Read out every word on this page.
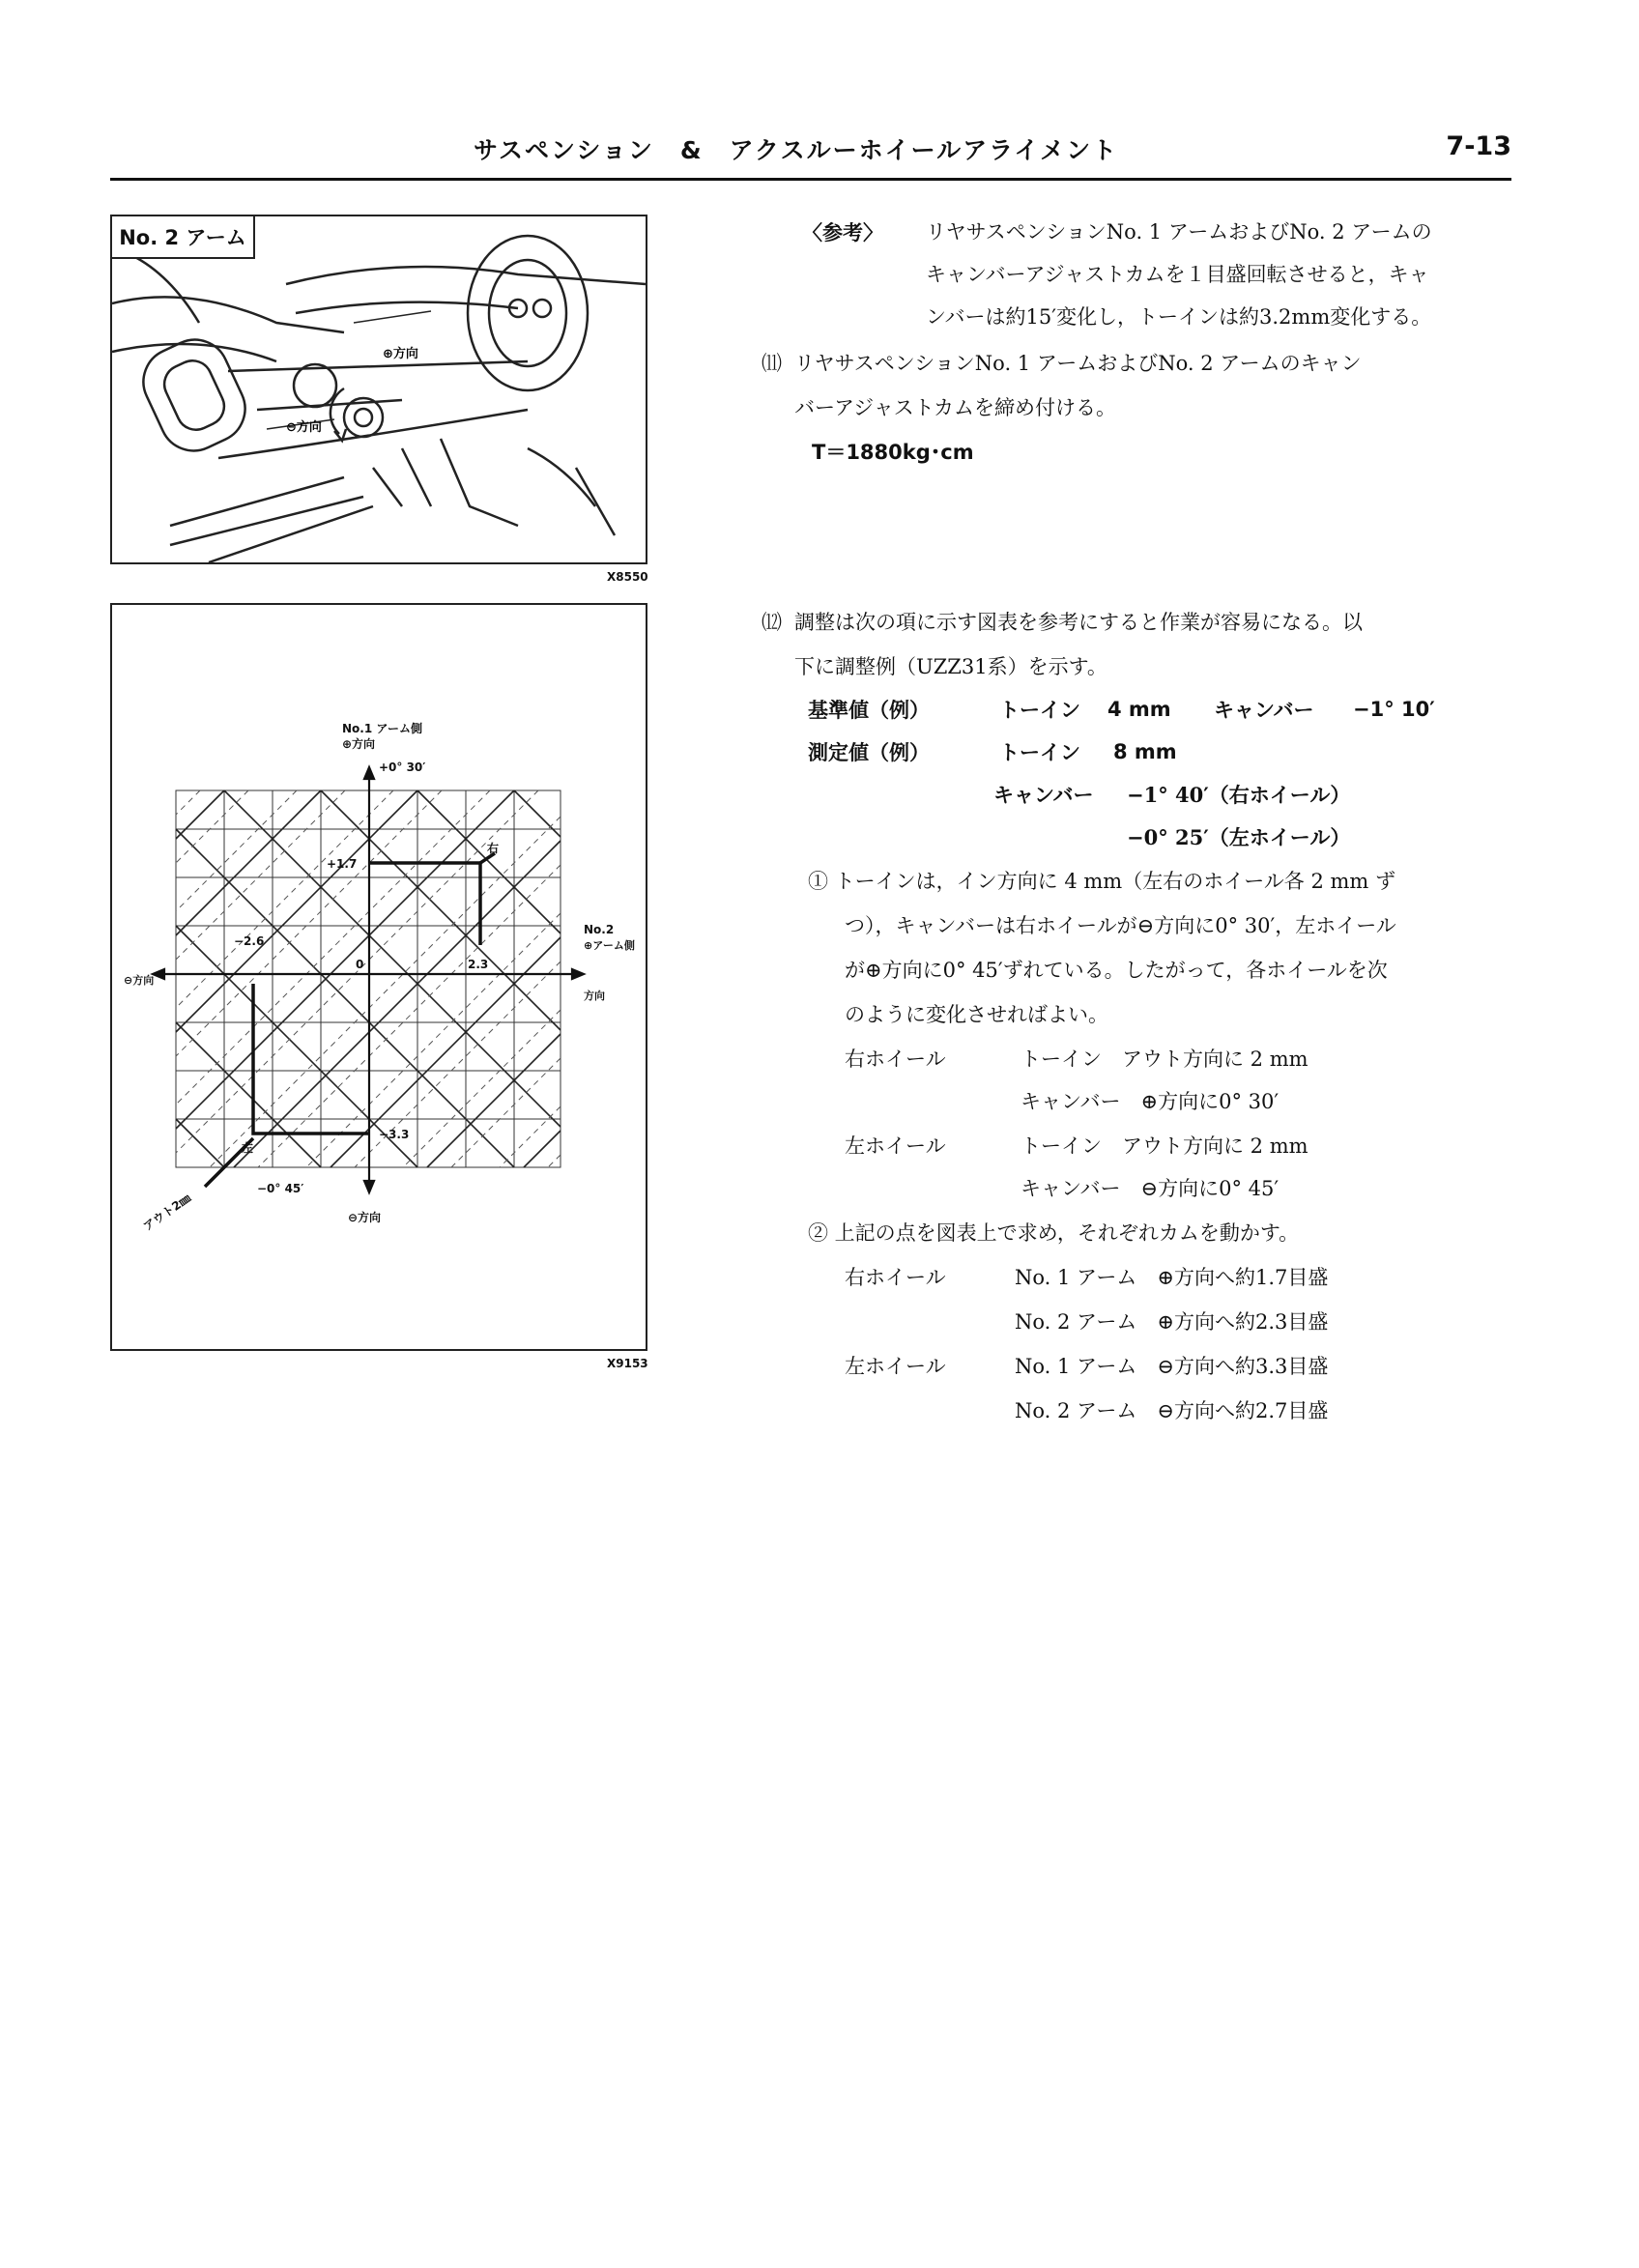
サスペンション　&　アクスルーホイールアライメント	7-13
⊕方向
⊖方向
No. 2 アーム
X8550
No.1 アーム側
⊕方向
+0° 30′
No.2
⊕アーム側
方向
⊖方向
⊖方向
−0° 45′
アウト2㎜
右
左
+1.7
−3.3
−2.6
2.3
0
X9153
〈参考〉 リヤサスペンションNo. 1 アームおよびNo. 2 アームの
キャンバーアジャストカムを１目盛回転させると，キャ
ンバーは約15′変化し，トーインは約3.2mm変化する。
⑾ リヤサスペンションNo. 1 アームおよびNo. 2 アームのキャン
バーアジャストカムを締め付ける。
T＝1880kg･cm
⑿ 調整は次の項に示す図表を参考にすると作業が容易になる。以
下に調整例（UZZ31系）を示す。
基準値（例）	トーイン 4 mm キャンバー −1° 10′
測定値（例）	トーイン 8 mm
キャンバー −1° 40′（右ホイール）
−0° 25′（左ホイール）
① トーインは，イン方向に 4 mm（左右のホイール各 2 mm ず
つ），キャンバーは右ホイールが⊖方向に0° 30′，左ホイール
が⊕方向に0° 45′ずれている。したがって，各ホイールを次
のように変化させればよい。
右ホイール	トーイン　アウト方向に 2 mm
キャンバー　⊕方向に0° 30′
左ホイール	トーイン　アウト方向に 2 mm
キャンバー　⊖方向に0° 45′
② 上記の点を図表上で求め，それぞれカムを動かす。
右ホイール	No. 1 アーム　⊕方向へ約1.7目盛
No. 2 アーム　⊕方向へ約2.3目盛
左ホイール	No. 1 アーム　⊖方向へ約3.3目盛
No. 2 アーム　⊖方向へ約2.7目盛
